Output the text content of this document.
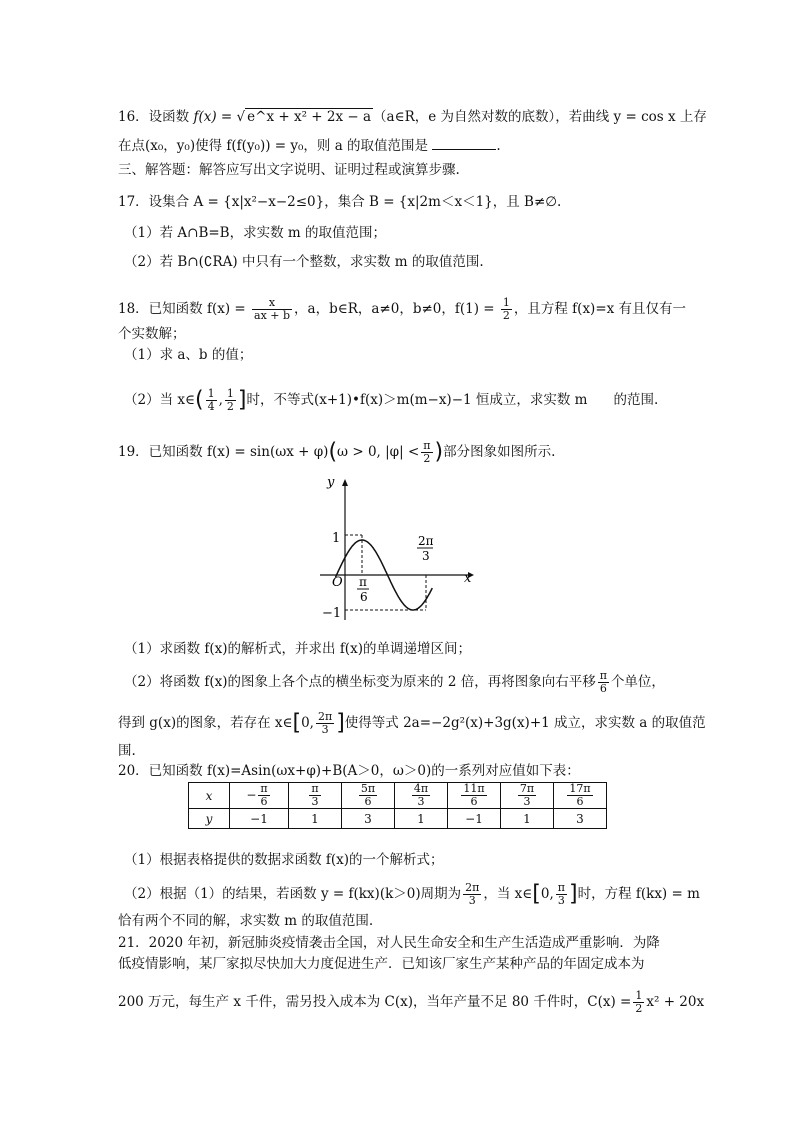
16．设函数 f(x) = √ e^x + x² + 2x − a （a∈R，e 为自然对数的底数），若曲线 y = cos x 上存
在点(x₀，y₀)使得 f(f(y₀)) = y₀，则 a 的取值范围是	.
三、解答题：解答应写出文字说明、证明过程或演算步骤.
17．设集合 A = {x|x²−x−2≤0}，集合 B = {x|2m＜x＜1}，且 B≠∅.
（1）若 A∩B=B，求实数 m 的取值范围；
（2）若 B∩(∁RA) 中只有一个整数，求实数 m 的取值范围.
18．已知函数 $f(x) = \frac{x}{ax + b}$ ，a，b∈R，a≠0，b≠0，$f(1) = \frac{1}{2}$ ，且方程 f(x)=x 有且仅有一
个实数解；
（1）求 a、b 的值；
（2）当 x∈( $\frac{1}{4}$ , $\frac{1}{2}$ ]时，不等式(x+1)•f(x)＞m(m−x)−1 恒成立，求实数 m 的范围.
19．已知函数 f(x) = sin(ωx + φ)(ω > 0, $|\varphi| < \frac{\pi}{2}$ )部分图象如图所示.
y
x
O
1
−1
π
6
2π
3
（1）求函数 f(x)的解析式，并求出 f(x)的单调递增区间；
（2）将函数 f(x)的图象上各个点的横坐标变为原来的 2 倍，再将图象向右平移 $\frac{\pi}{6}$ 个单位，
得到 g(x)的图象，若存在 x∈[0, $\frac{2\pi}{3}$ ]使得等式 2a=−2g²(x)+3g(x)+1 成立，求实数 a 的取值范
围.
20．已知函数 f(x)=Asin(ωx+φ)+B(A＞0，ω＞0)的一系列对应值如下表：
x	− $\frac{\pi}{6}$	$\frac{\pi}{3}$	$\frac{5\pi}{6}$	$\frac{4\pi}{3}$	$\frac{11\pi}{6}$	$\frac{7\pi}{3}$	$\frac{17\pi}{6}$

y	−1	1	3	1	−1	1	3
（1）根据表格提供的数据求函数 f(x)的一个解析式；
（2）根据（1）的结果，若函数 y = f(kx)(k＞0)周期为 $\frac{2\pi}{3}$ ，当 x∈[0, $\frac{\pi}{3}$ ]时，方程 f(kx) = m
恰有两个不同的解，求实数 m 的取值范围.
21．2020 年初，新冠肺炎疫情袭击全国，对人民生命安全和生产生活造成严重影响．为降
低疫情影响，某厂家拟尽快加大力度促进生产．已知该厂家生产某种产品的年固定成本为
200 万元，每生产 x 千件，需另投入成本为 C(x)，当年产量不足 80 千件时，$C(x) = \frac{1}{2} x^2 + 20x$
